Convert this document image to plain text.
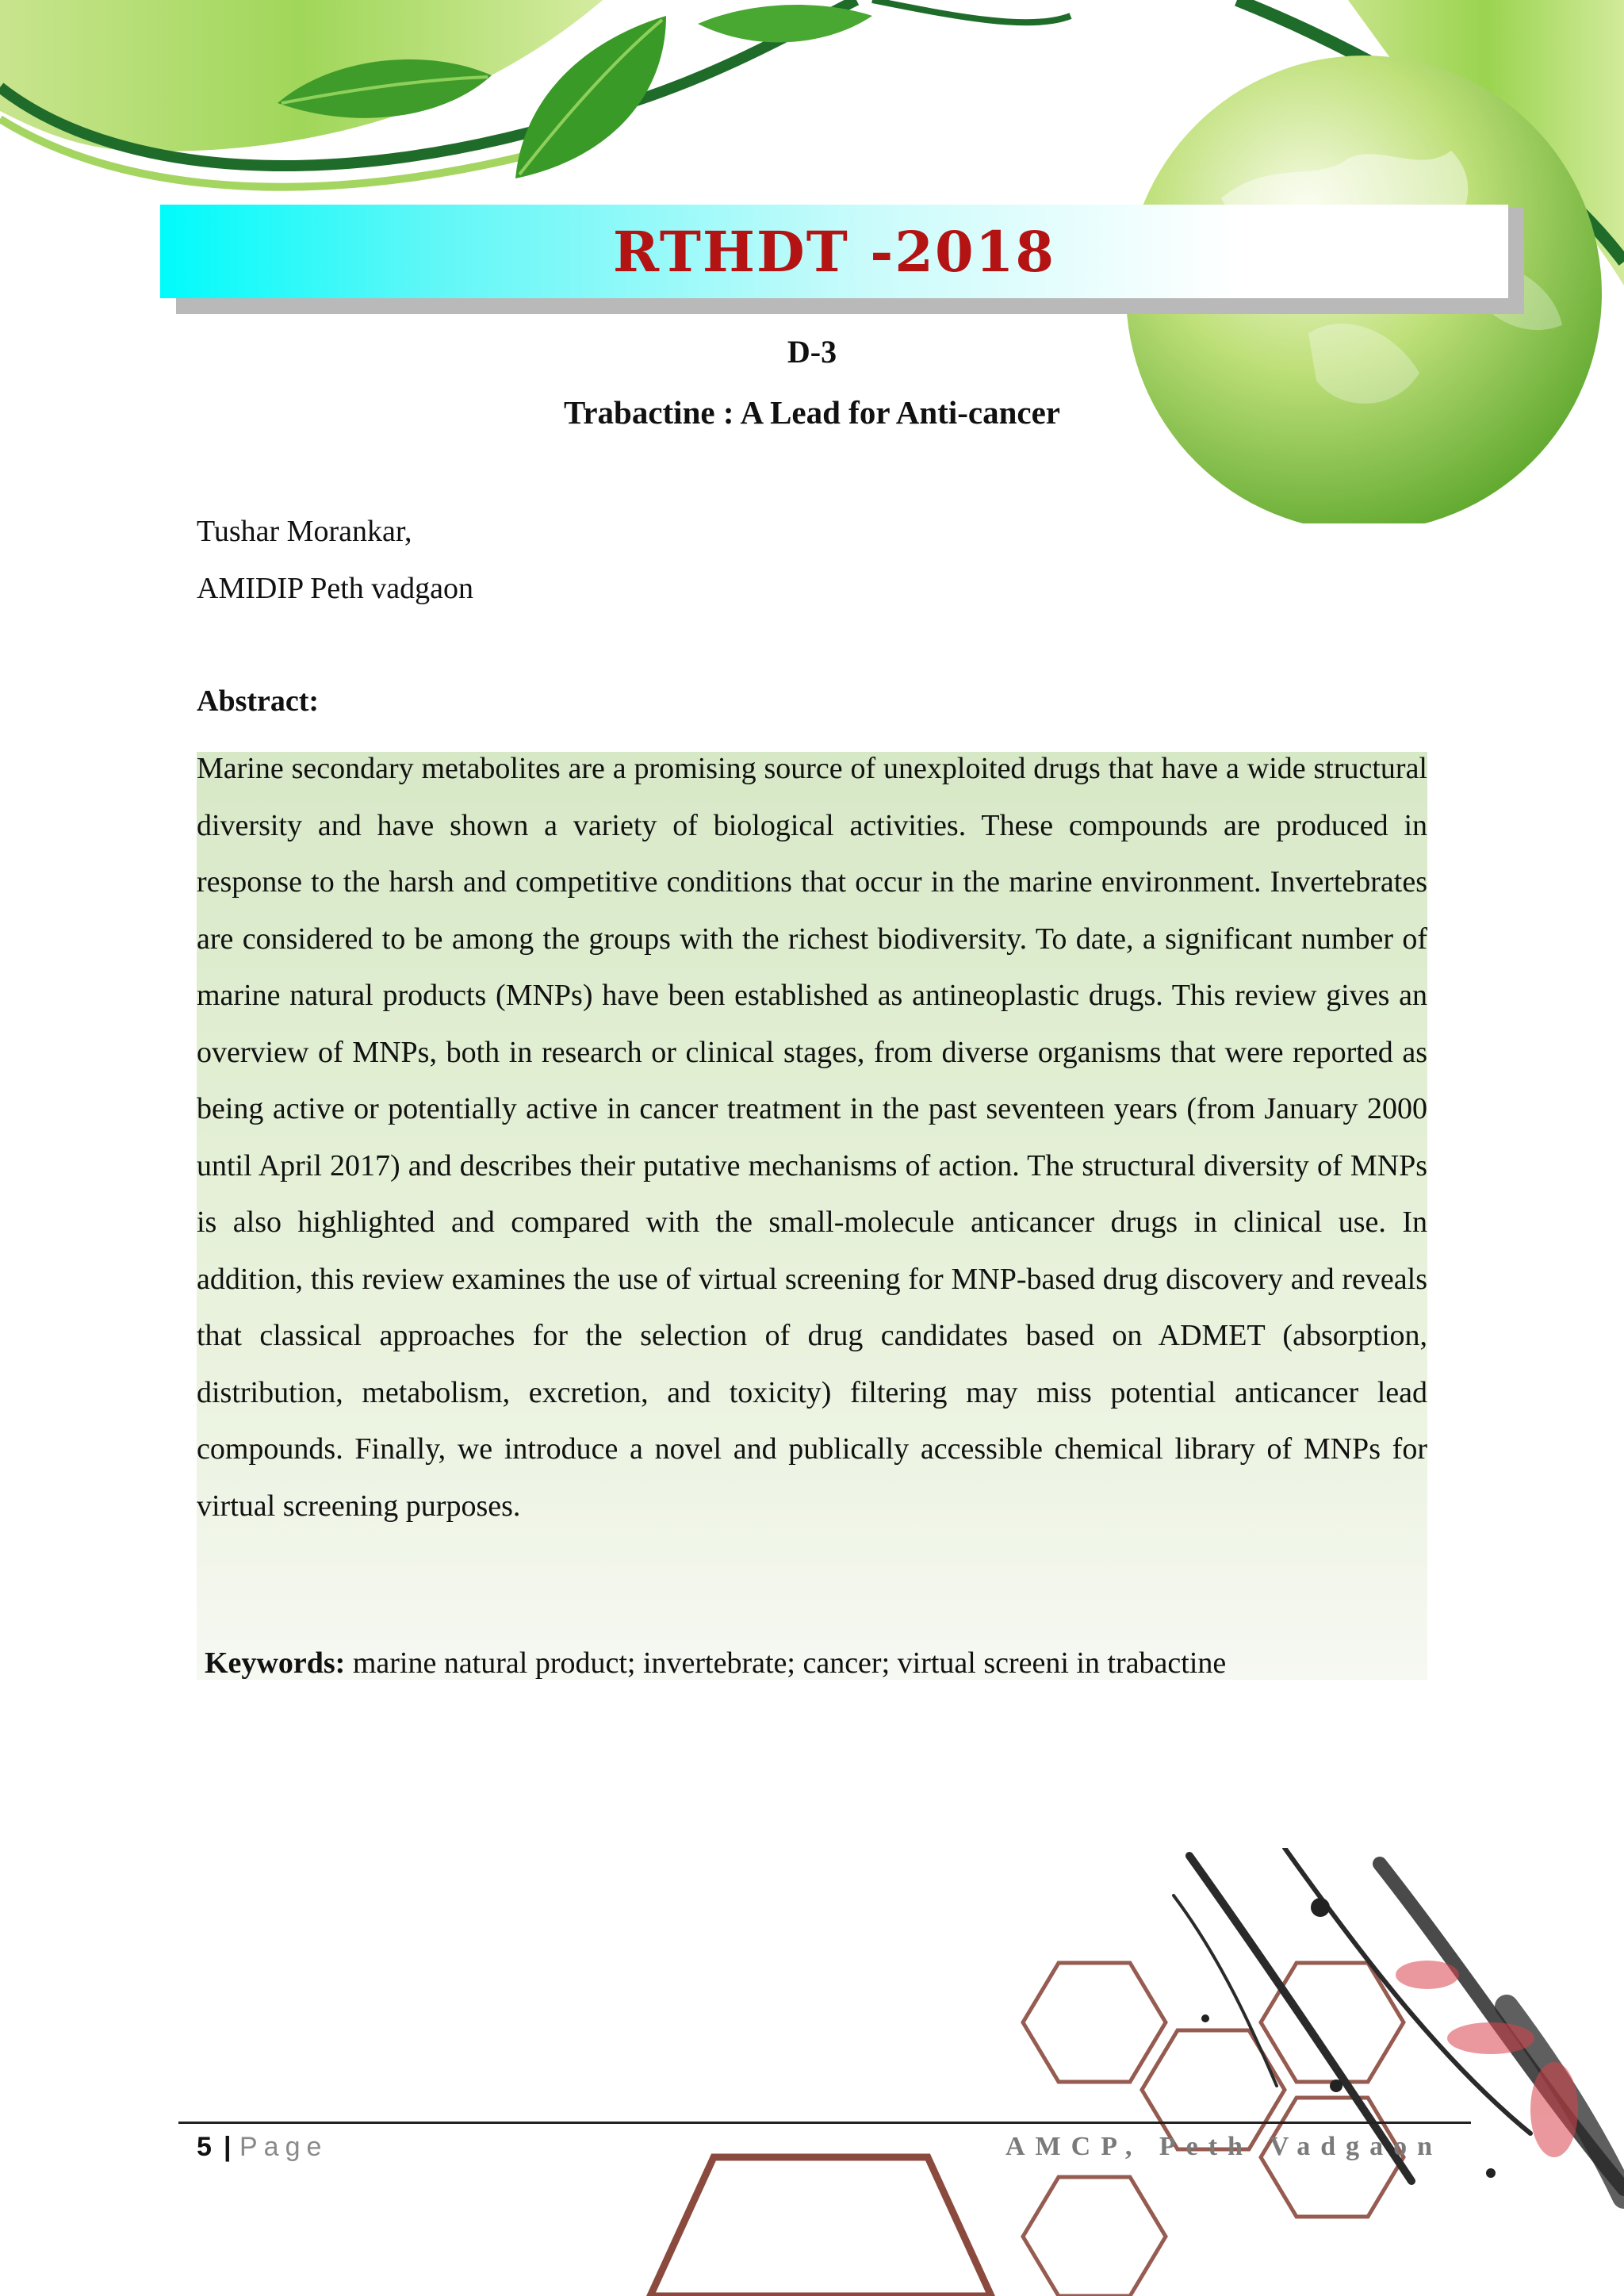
RTHDT -2018
D-3
Trabactine : A Lead for Anti-cancer
Tushar Morankar,
AMIDIP Peth vadgaon
Abstract:
Marine secondary metabolites are a promising source of unexploited drugs that have a wide structural diversity and have shown a variety of biological activities. These compounds are produced in response to the harsh and competitive conditions that occur in the marine environment. Invertebrates are considered to be among the groups with the richest biodiversity. To date, a significant number of marine natural products (MNPs) have been established as antineoplastic drugs. This review gives an overview of MNPs, both in research or clinical stages, from diverse organisms that were reported as being active or potentially active in cancer treatment in the past seventeen years (from January 2000 until April 2017) and describes their putative mechanisms of action. The structural diversity of MNPs is also highlighted and compared with the small-molecule anticancer drugs in clinical use. In addition, this review examines the use of virtual screening for MNP-based drug discovery and reveals that classical approaches for the selection of drug candidates based on ADMET (absorption, distribution, metabolism, excretion, and toxicity) filtering may miss potential anticancer lead compounds. Finally, we introduce a novel and publically accessible chemical library of MNPs for virtual screening purposes.
Keywords: marine natural product; invertebrate; cancer; virtual screeni in trabactine
5 | Page	AMCP, Peth Vadgaon
